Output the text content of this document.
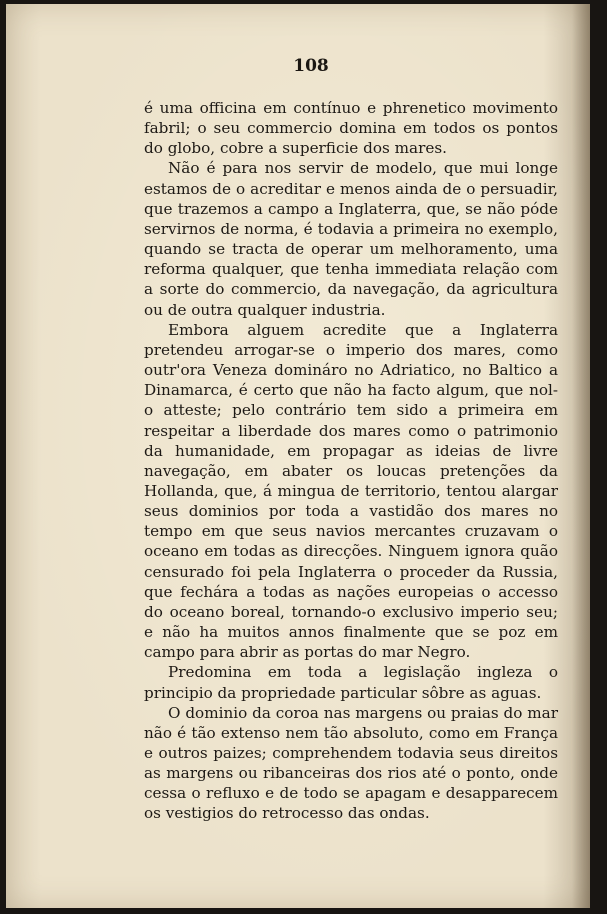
108

é uma officina em contínuo e phrenetico movimento fabril; o seu commercio domina em todos os pontos do globo, cobre a superficie dos mares.

Não é para nos servir de modelo, que mui longe estamos de o acreditar e menos ainda de o persuadir, que trazemos a campo a Inglaterra, que, se não póde servirnos de norma, é todavia a primeira no exemplo, quando se tracta de operar um melhoramento, uma reforma qualquer, que tenha immediata relação com a sorte do commercio, da navegação, da agricultura ou de outra qualquer industria.

Embora alguem acredite que a Inglaterra pretendeu arrogar-se o imperio dos mares, como outr'ora Veneza domináro no Adriatico, no Baltico a Dinamarca, é certo que não ha facto algum, que nol-o atteste; pelo contrário tem sido a primeira em respeitar a liberdade dos mares como o patrimonio da humanidade, em propagar as ideias de livre navegação, em abater os loucas pretenções da Hollanda, que, á mingua de territorio, tentou alargar seus dominios por toda a vastidão dos mares no tempo em que seus navios mercantes cruzavam o oceano em todas as direcções. Ninguem ignora quão censurado foi pela Inglaterra o proceder da Russia, que fechára a todas as nações europeias o accesso do oceano boreal, tornando-o exclusivo imperio seu; e não ha muitos annos finalmente que se poz em campo para abrir as portas do mar Negro.

Predomina em toda a legislação ingleza o principio da propriedade particular sôbre as aguas.

O dominio da coroa nas margens ou praias do mar não é tão extenso nem tão absoluto, como em França e outros paizes; comprehendem todavia seus direitos as margens ou ribanceiras dos rios até o ponto, onde cessa o refluxo e de todo se apagam e desapparecem os vestigios do retrocesso das ondas.
